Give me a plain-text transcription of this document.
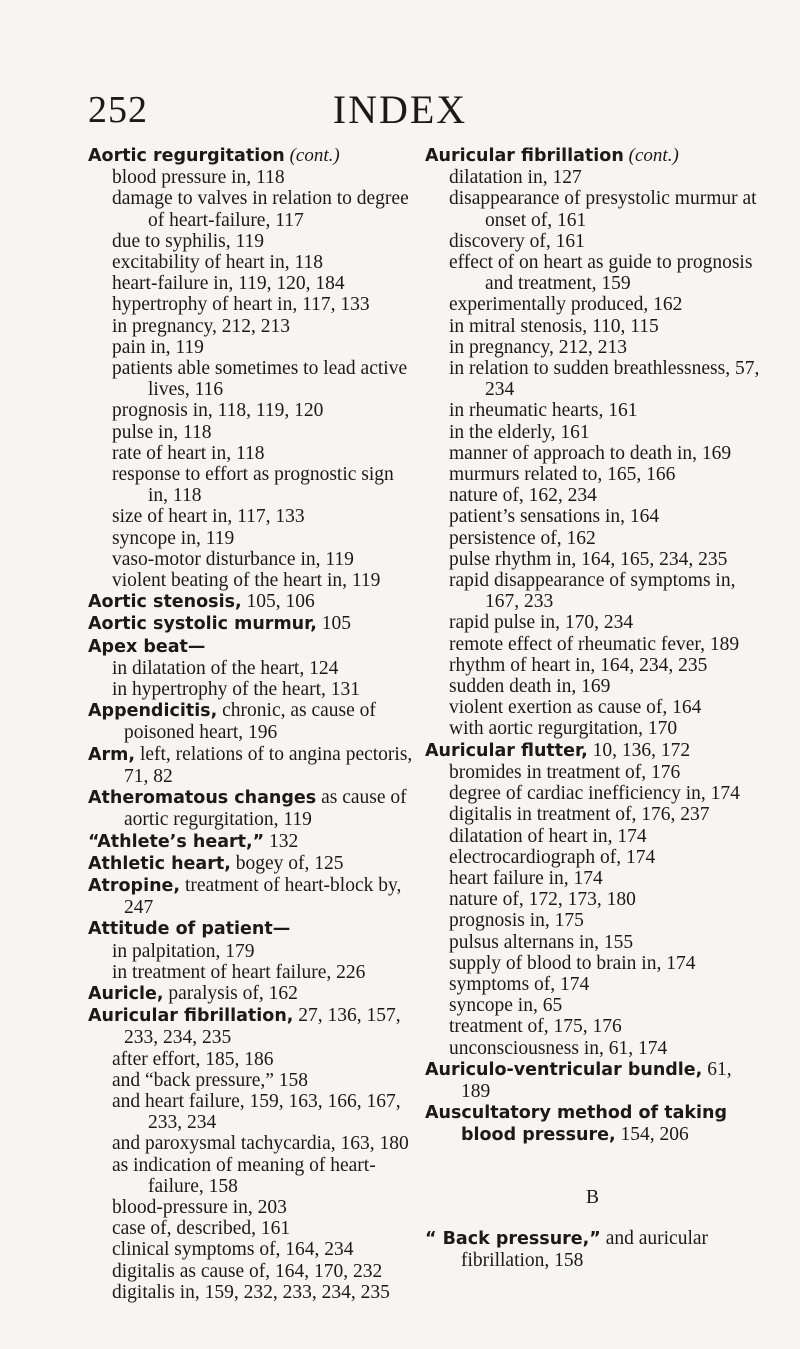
252	INDEX
Aortic regurgitation (cont.)
blood pressure in, 118
damage to valves in relation to degree of heart-failure, 117
due to syphilis, 119
excitability of heart in, 118
heart-failure in, 119, 120, 184
hypertrophy of heart in, 117, 133
in pregnancy, 212, 213
pain in, 119
patients able sometimes to lead active lives, 116
prognosis in, 118, 119, 120
pulse in, 118
rate of heart in, 118
response to effort as prognostic sign in, 118
size of heart in, 117, 133
syncope in, 119
vaso-motor disturbance in, 119
violent beating of the heart in, 119
Aortic stenosis, 105, 106
Aortic systolic murmur, 105
Apex beat—
in dilatation of the heart, 124
in hypertrophy of the heart, 131
Appendicitis, chronic, as cause of poisoned heart, 196
Arm, left, relations of to angina pectoris, 71, 82
Atheromatous changes as cause of aortic regurgitation, 119
“Athlete’s heart,” 132
Athletic heart, bogey of, 125
Atropine, treatment of heart-block by, 247
Attitude of patient—
in palpitation, 179
in treatment of heart failure, 226
Auricle, paralysis of, 162
Auricular fibrillation, 27, 136, 157, 233, 234, 235
after effort, 185, 186
and “back pressure,” 158
and heart failure, 159, 163, 166, 167, 233, 234
and paroxysmal tachycardia, 163, 180
as indication of meaning of heart-failure, 158
blood-pressure in, 203
case of, described, 161
clinical symptoms of, 164, 234
digitalis as cause of, 164, 170, 232
digitalis in, 159, 232, 233, 234, 235
Auricular fibrillation (cont.)
dilatation in, 127
disappearance of presystolic murmur at onset of, 161
discovery of, 161
effect of on heart as guide to prognosis and treatment, 159
experimentally produced, 162
in mitral stenosis, 110, 115
in pregnancy, 212, 213
in relation to sudden breathlessness, 57, 234
in rheumatic hearts, 161
in the elderly, 161
manner of approach to death in, 169
murmurs related to, 165, 166
nature of, 162, 234
patient’s sensations in, 164
persistence of, 162
pulse rhythm in, 164, 165, 234, 235
rapid disappearance of symptoms in, 167, 233
rapid pulse in, 170, 234
remote effect of rheumatic fever, 189
rhythm of heart in, 164, 234, 235
sudden death in, 169
violent exertion as cause of, 164
with aortic regurgitation, 170
Auricular flutter, 10, 136, 172
bromides in treatment of, 176
degree of cardiac inefficiency in, 174
digitalis in treatment of, 176, 237
dilatation of heart in, 174
electrocardiograph of, 174
heart failure in, 174
nature of, 172, 173, 180
prognosis in, 175
pulsus alternans in, 155
supply of blood to brain in, 174
symptoms of, 174
syncope in, 65
treatment of, 175, 176
unconsciousness in, 61, 174
Auriculo-ventricular bundle, 61, 189
Auscultatory method of taking blood pressure, 154, 206
B
“ Back pressure,” and auricular fibrillation, 158
